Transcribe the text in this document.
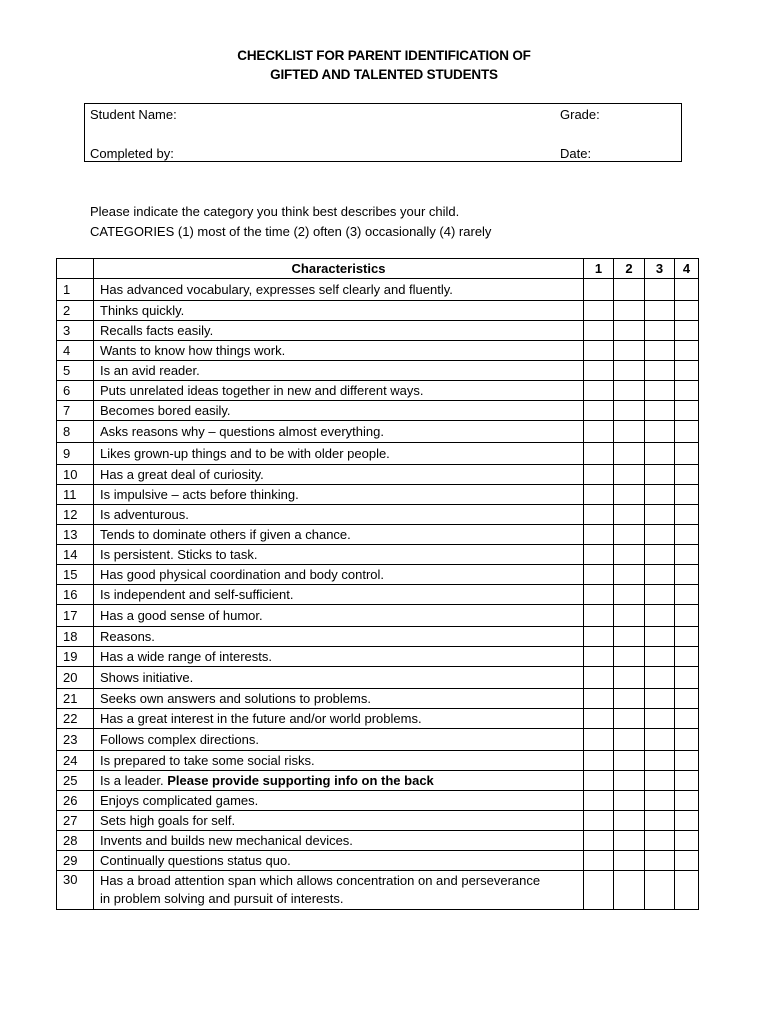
CHECKLIST FOR PARENT IDENTIFICATION OF
GIFTED AND TALENTED STUDENTS
Student Name:	Grade:
Completed by:	Date:
Please indicate the category you think best describes your child.
CATEGORIES (1) most of the time (2) often (3) occasionally (4) rarely
	Characteristics	1	2	3	4
1	Has advanced vocabulary, expresses self clearly and fluently.				
2	Thinks quickly.				
3	Recalls facts easily.				
4	Wants to know how things work.				
5	Is an avid reader.				
6	Puts unrelated ideas together in new and different ways.				
7	Becomes bored easily.				
8	Asks reasons why – questions almost everything.				
9	Likes grown-up things and to be with older people.				
10	Has a great deal of curiosity.				
11	Is impulsive – acts before thinking.				
12	Is adventurous.				
13	Tends to dominate others if given a chance.				
14	Is persistent. Sticks to task.				
15	Has good physical coordination and body control.				
16	Is independent and self-sufficient.				
17	Has a good sense of humor.				
18	Reasons.				
19	Has a wide range of interests.				
20	Shows initiative.				
21	Seeks own answers and solutions to problems.				
22	Has a great interest in the future and/or world problems.				
23	Follows complex directions.				
24	Is prepared to take some social risks.				
25	Is a leader. Please provide supporting info on the back				
26	Enjoys complicated games.				
27	Sets high goals for self.				
28	Invents and builds new mechanical devices.				
29	Continually questions status quo.				
30	Has a broad attention span which allows concentration on and perseverance
in problem solving and pursuit of interests.				
